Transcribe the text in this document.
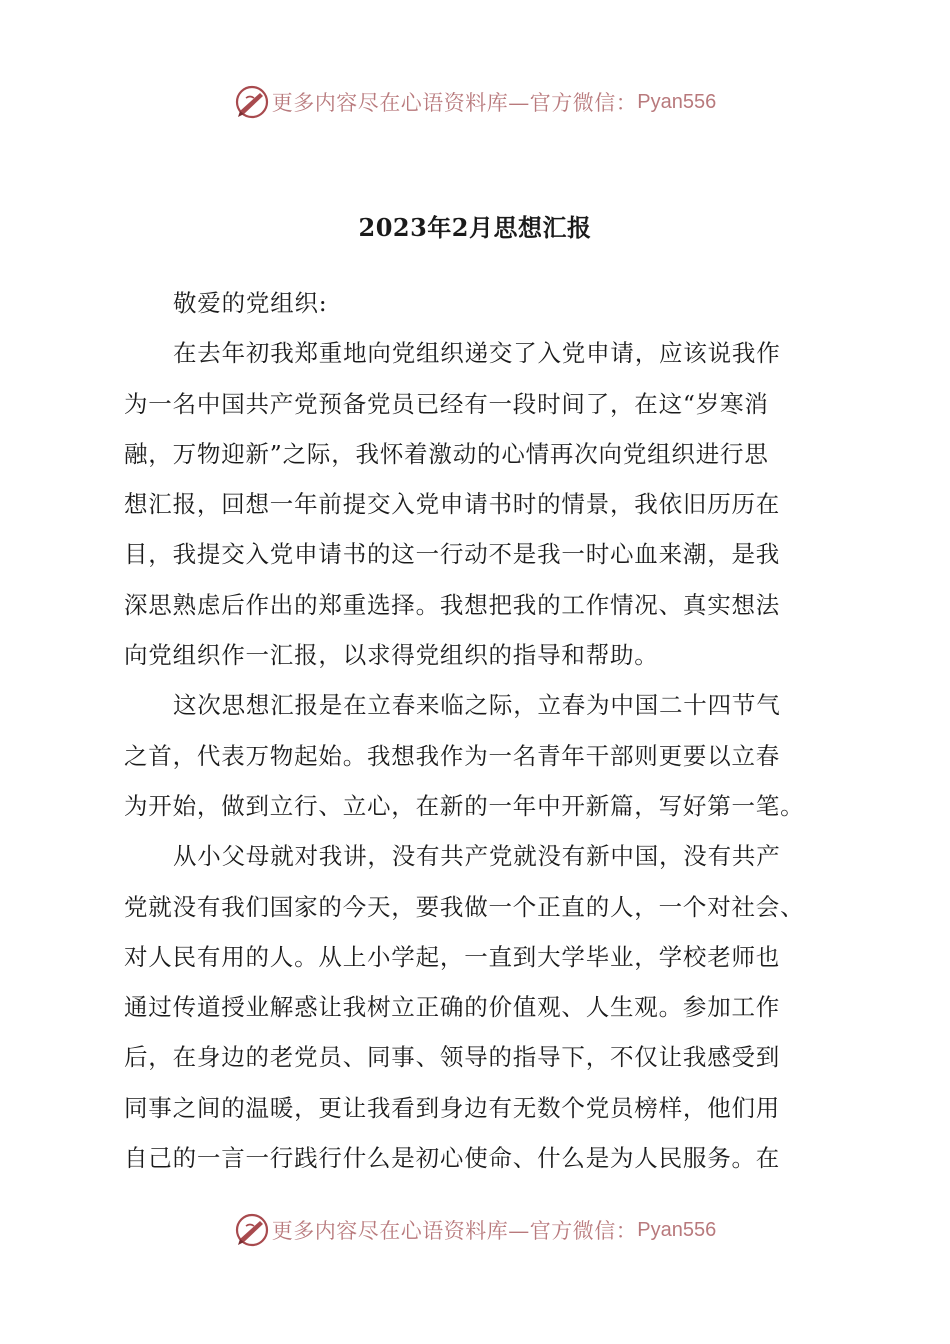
更多内容尽在心语资料库—官方微信： Pyan556
2023年2月思想汇报
敬爱的党组织:
在去年初我郑重地向党组织递交了入党申请，应该说我作
为一名中国共产党预备党员已经有一段时间了，在这“岁寒消
融，万物迎新”之际，我怀着激动的心情再次向党组织进行思
想汇报，回想一年前提交入党申请书时的情景，我依旧历历在
目，我提交入党申请书的这一行动不是我一时心血来潮，是我
深思熟虑后作出的郑重选择。我想把我的工作情况、真实想法
向党组织作一汇报，以求得党组织的指导和帮助。
这次思想汇报是在立春来临之际，立春为中国二十四节气
之首，代表万物起始。我想我作为一名青年干部则更要以立春
为开始，做到立行、立心，在新的一年中开新篇，写好第一笔。
从小父母就对我讲，没有共产党就没有新中国，没有共产
党就没有我们国家的今天，要我做一个正直的人，一个对社会、
对人民有用的人。从上小学起，一直到大学毕业，学校老师也
通过传道授业解惑让我树立正确的价值观、人生观。参加工作
后，在身边的老党员、同事、领导的指导下，不仅让我感受到
同事之间的温暖，更让我看到身边有无数个党员榜样，他们用
自己的一言一行践行什么是初心使命、什么是为人民服务。在
更多内容尽在心语资料库—官方微信： Pyan556
